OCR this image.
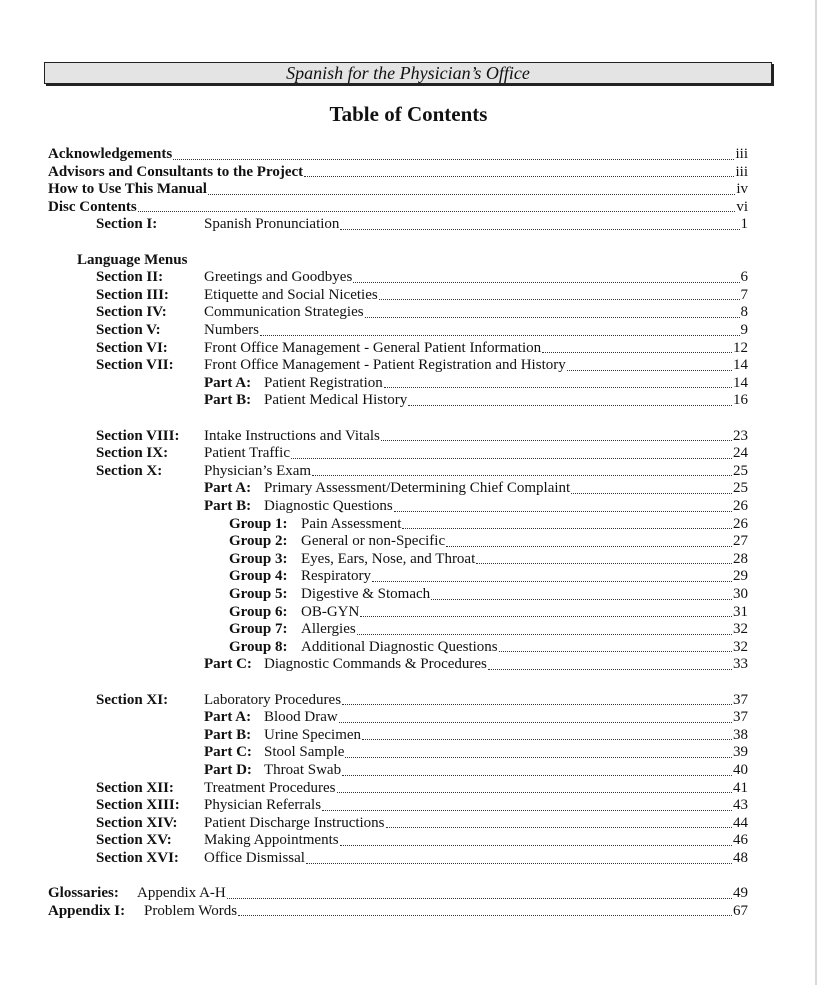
Spanish for the Physician’s Office
Table of Contents
Acknowledgements	iii
Advisors and Consultants to the Project	iii
How to Use This Manual	iv
Disc Contents	vi
Section I:	Spanish Pronunciation	1
Language Menus
Section II:	Greetings and Goodbyes	6
Section III: Etiquette and Social Niceties	7
Section IV: Communication Strategies	8
Section V:	Numbers	9
Section VI: Front Office Management - General Patient Information	12
Section VII: Front Office Management - Patient Registration and History	14
Part A: Patient Registration	14
Part B: Patient Medical History	16
Section VIII: Intake Instructions and Vitals	23
Section IX: Patient Traffic	24
Section X:	Physician’s Exam	25
Part A: Primary Assessment/Determining Chief Complaint	25
Part B: Diagnostic Questions	26
Group 1: Pain Assessment	26
Group 2: General or non-Specific	27
Group 3: Eyes, Ears, Nose, and Throat	28
Group 4: Respiratory	29
Group 5: Digestive & Stomach	30
Group 6: OB-GYN	31
Group 7: Allergies	32
Group 8: Additional Diagnostic Questions	32
Part C: Diagnostic Commands & Procedures	33
Section XI: Laboratory Procedures	37
Part A: Blood Draw	37
Part B: Urine Specimen	38
Part C: Stool Sample	39
Part D: Throat Swab	40
Section XII: Treatment Procedures	41
Section XIII: Physician Referrals	43
Section XIV: Patient Discharge Instructions	44
Section XV: Making Appointments	46
Section XVI: Office Dismissal	48
Glossaries: Appendix A-H	49
Appendix I: Problem Words	67
